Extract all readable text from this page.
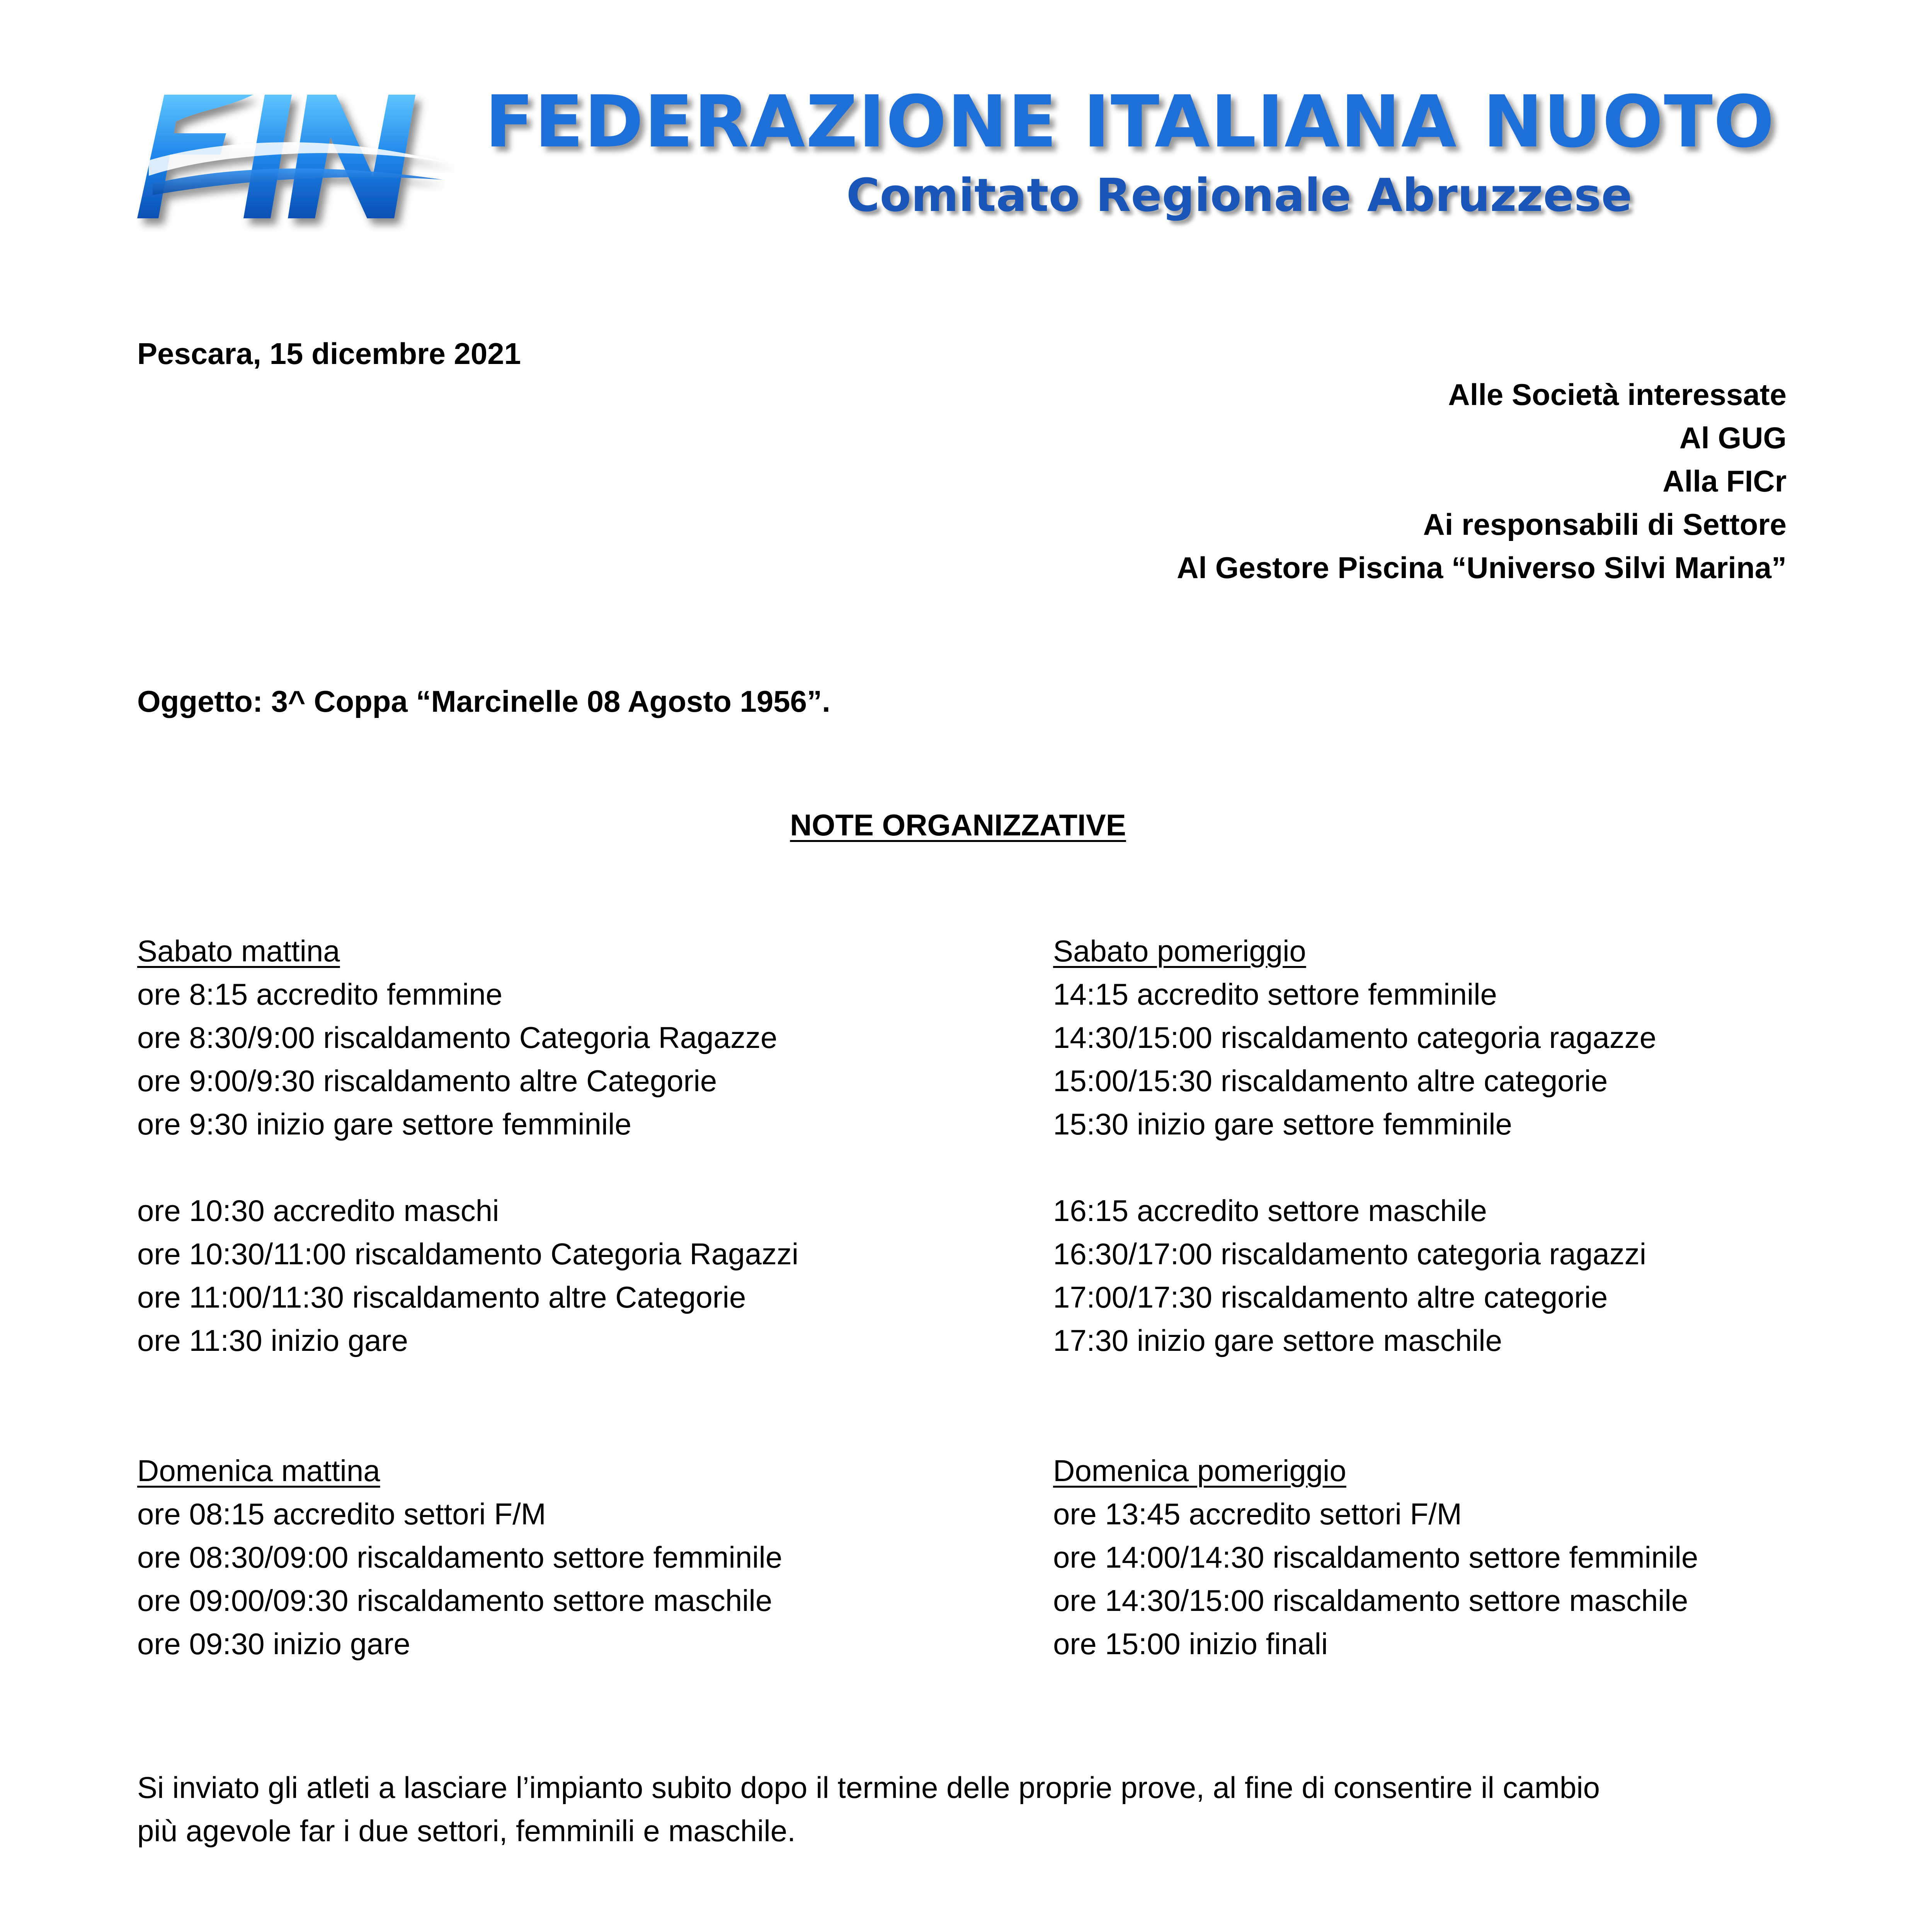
FIN	FEDERAZIONE ITALIANA NUOTO
Comitato Regionale Abruzzese
Pescara, 15 dicembre 2021
Alle Società interessate
Al GUG
Alla FICr
Ai responsabili di Settore
Al Gestore Piscina “Universo Silvi Marina”
Oggetto: 3^ Coppa “Marcinelle 08 Agosto 1956”.
NOTE ORGANIZZATIVE
Sabato mattina
ore 8:15 accredito femmine
ore 8:30/9:00 riscaldamento Categoria Ragazze
ore 9:00/9:30 riscaldamento altre Categorie
ore 9:30 inizio gare settore femminile
ore 10:30 accredito maschi
ore 10:30/11:00 riscaldamento Categoria Ragazzi
ore 11:00/11:30 riscaldamento altre Categorie
ore 11:30 inizio gare
Sabato pomeriggio
14:15 accredito settore femminile
14:30/15:00 riscaldamento categoria ragazze
15:00/15:30 riscaldamento altre categorie
15:30 inizio gare settore femminile
16:15 accredito settore maschile
16:30/17:00 riscaldamento categoria ragazzi
17:00/17:30 riscaldamento altre categorie
17:30 inizio gare settore maschile
Domenica mattina
ore 08:15 accredito settori F/M
ore 08:30/09:00 riscaldamento settore femminile
ore 09:00/09:30 riscaldamento settore maschile
ore 09:30 inizio gare
Domenica pomeriggio
ore 13:45 accredito settori F/M
ore 14:00/14:30 riscaldamento settore femminile
ore 14:30/15:00 riscaldamento settore maschile
ore 15:00 inizio finali
Si inviato gli atleti a lasciare l’impianto subito dopo il termine delle proprie prove, al fine di consentire il cambio
più agevole far i due settori, femminili e maschile.
